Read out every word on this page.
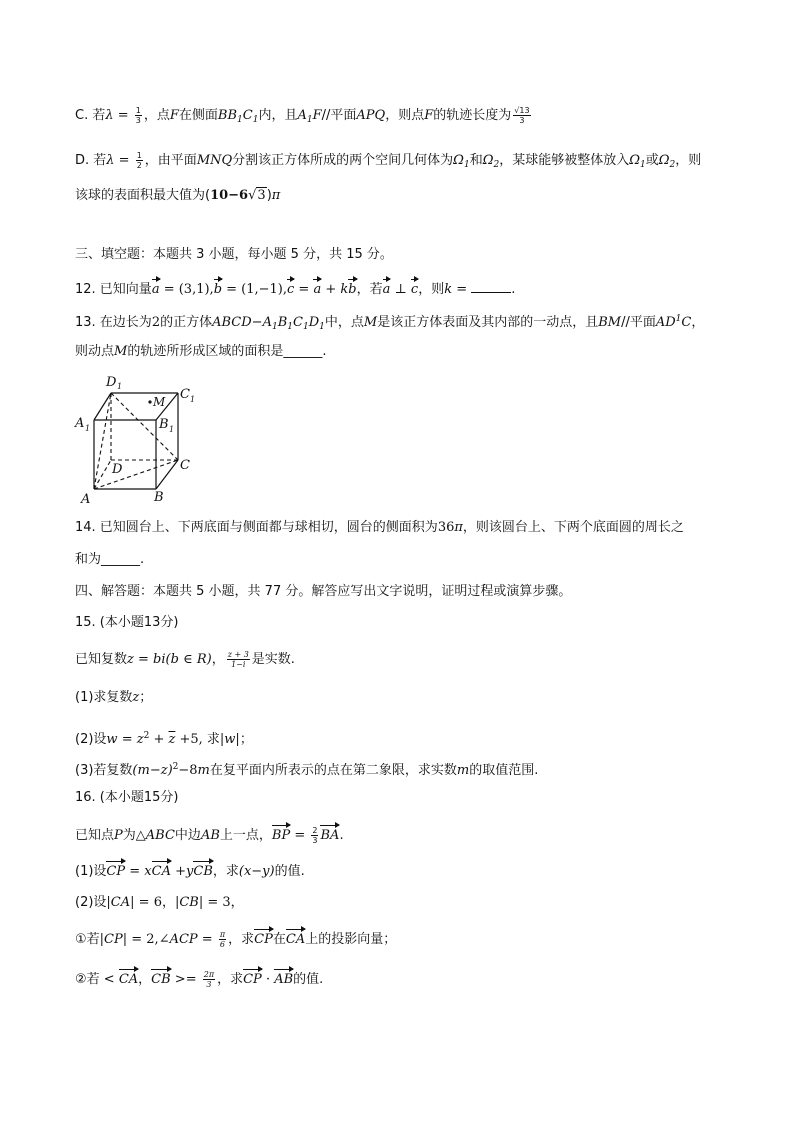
C. 若$\lambda = \frac{1}{3}$ ，点F在侧面$BB_1C_1$内，且$A_1F//$平面APQ，则点F的轨迹长度为 $\frac{√13}{3}$
D. 若$\lambda = \frac{1}{2}$ ，由平面MNQ分割该正方体所成的两个空间几何体为$\Omega_1$和$\Omega_2$，某球能够被整体放入$\Omega_1$或$\Omega_2$，则
该球的表面积最大值为(10−6√3)π
三、填空题：本题共 3 小题，每小题 5 分，共 15 分。
12. 已知向量a = (3,1),b = (1,−1),c = a + kb，若a ⊥ c，则k =	.
13. 在边长为2的正方体$ABCD-A_1B_1C_1D_1$中，点M是该正方体表面及其内部的一动点，且BM//平面$AD^1C$，
则动点M的轨迹所形成区域的面积是______.
D 1
C 1
M
A 1	B 1
D	C
A	B
14. 已知圆台上、下两底面与侧面都与球相切，圆台的侧面积为36π，则该圆台上、下两个底面圆的周长之
和为______.
四、解答题：本题共 5 小题，共 77 分。解答应写出文字说明，证明过程或演算步骤。
15. (本小题13分)
已知复数z = bi(b ∈ R)， $\frac{z + 3}{1-i}$ 是实数.
(1)求复数z；
(2)设$w = z^2 + \overline{z} +5$, 求|w|；
(3)若复数$(m-z)^2-8m$在复平面内所表示的点在第二象限，求实数m的取值范围.
16. (本小题15分)
已知点P为△ABC中边AB上一点，BP = $\frac{2}{3}$ BA.
(1)设CP = xCA +yCB，求(x−y)的值.
(2)设|CA| = 6，|CB| = 3，
①若|CP| = 2,∠ACP = $\frac{\pi}{6}$ ，求CP在CA上的投影向量；
②若 < CA，CB >= $\frac{2\pi}{3}$ ，求CP · AB的值.
